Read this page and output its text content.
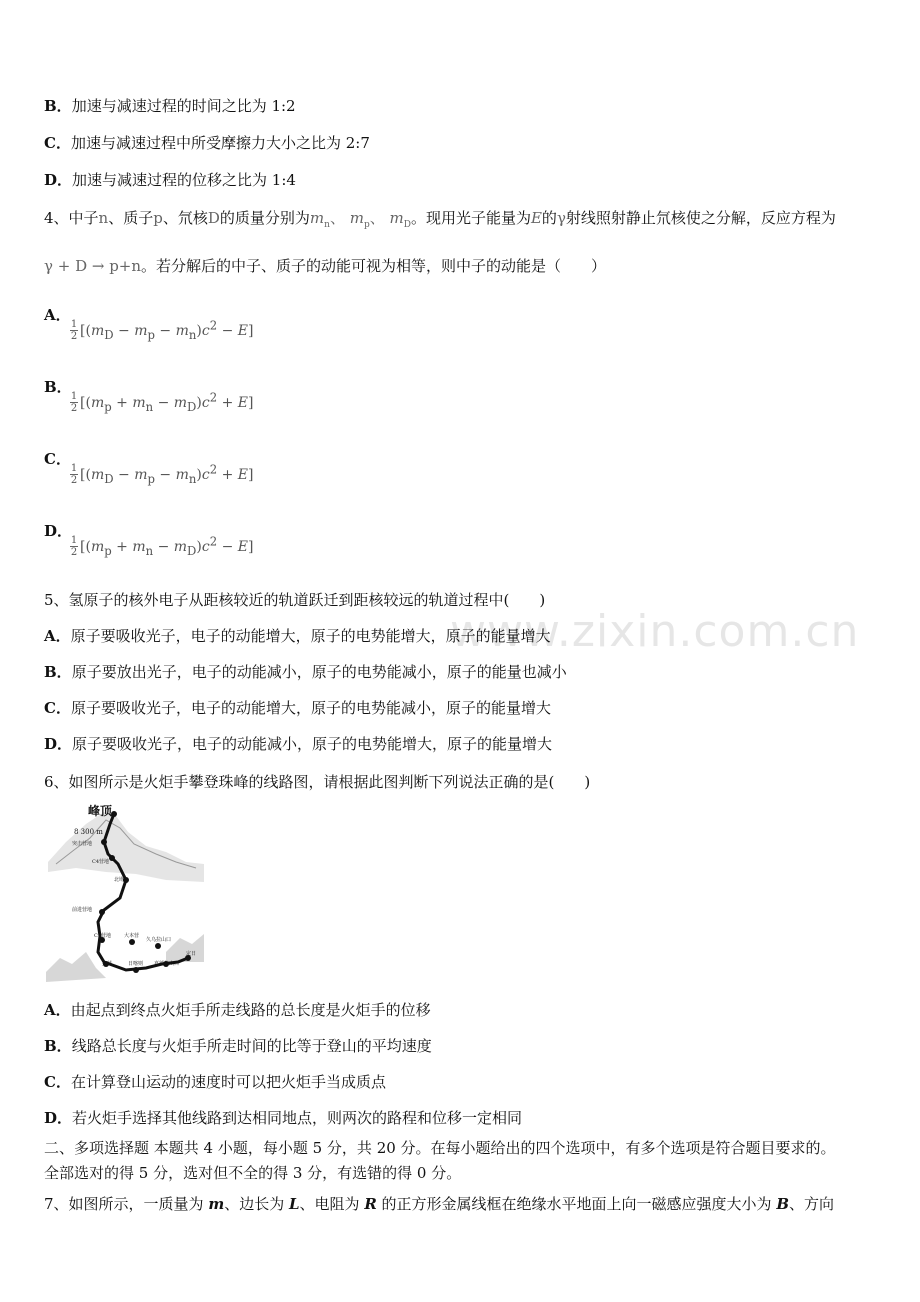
www.zixin.com.cn
B．加速与减速过程的时间之比为 1:2
C．加速与减速过程中所受摩擦力大小之比为 2:7
D．加速与减速过程的位移之比为 1:4
4、中子n、质子p、氘核D的质量分别为$m_n$、 $m_p$、 $m_D$。现用光子能量为E的γ射线照射静止氘核使之分解，反应方程为
γ + D → p+n。若分解后的中子、质子的动能可视为相等，则中子的动能是（　　）
A．
$\frac{1}{2} [(m_D - m_p - m_n)c^2 - E]$
B．
$\frac{1}{2} [(m_p + m_n - m_D)c^2 + E]$
C．
$\frac{1}{2} [(m_D - m_p - m_n)c^2 + E]$
D．
$\frac{1}{2} [(m_p + m_n - m_D)c^2 - E]$
5、氢原子的核外电子从距核较近的轨道跃迁到距核较远的轨道过程中(　　)
A．原子要吸收光子，电子的动能增大，原子的电势能增大，原子的能量增大
B．原子要放出光子，电子的动能减小，原子的电势能减小，原子的能量也减小
C．原子要吸收光子，电子的动能增大，原子的电势能减小，原子的能量增大
D．原子要吸收光子，电子的动能减小，原子的电势能增大，原子的能量增大
6、如图所示是火炬手攀登珠峰的线路图，请根据此图判断下列说法正确的是(　　)
峰顶
8 300 m
突击营地
C4营地
北坳
前进营地
C1营地	大本营
久乌拉山口
定日
拉萨	日喀则 嘉德拉山口
A．由起点到终点火炬手所走线路的总长度是火炬手的位移
B．线路总长度与火炬手所走时间的比等于登山的平均速度
C．在计算登山运动的速度时可以把火炬手当成质点
D．若火炬手选择其他线路到达相同地点，则两次的路程和位移一定相同
二、多项选择题 本题共 4 小题，每小题 5 分，共 20 分。在每小题给出的四个选项中，有多个选项是符合题目要求的。
全部选对的得 5 分，选对但不全的得 3 分，有选错的得 0 分。
7、如图所示，一质量为 m、边长为 L、电阻为 R 的正方形金属线框在绝缘水平地面上向一磁感应强度大小为 B、方向
